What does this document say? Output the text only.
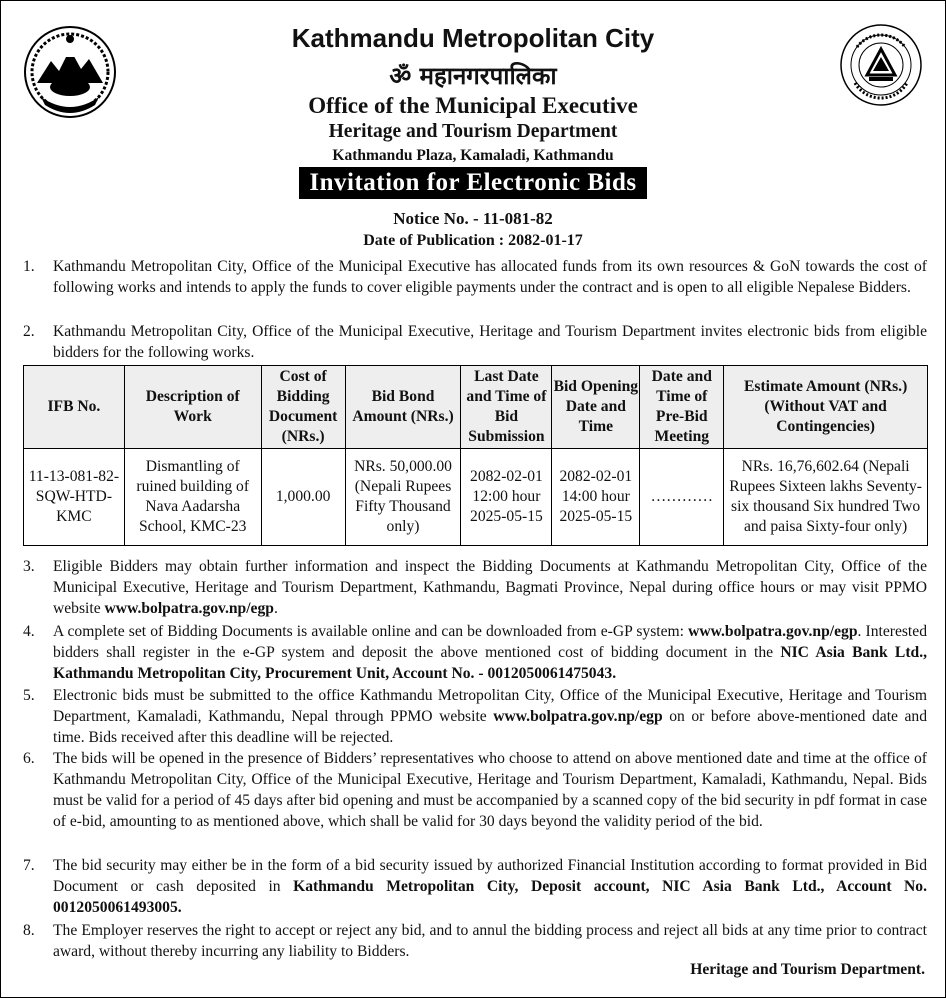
Kathmandu Metropolitan City
ॐ महानगरपालिका
Office of the Municipal Executive
Heritage and Tourism Department
Kathmandu Plaza, Kamaladi, Kathmandu
Invitation for Electronic Bids
Notice No. - 11-081-82
Date of Publication : 2082-01-17
1. Kathmandu Metropolitan City, Office of the Municipal Executive has allocated funds from its own resources & GoN towards the cost of following works and intends to apply the funds to cover eligible payments under the contract and is open to all eligible Nepalese Bidders.
2. Kathmandu Metropolitan City, Office of the Municipal Executive, Heritage and Tourism Department invites electronic bids from eligible bidders for the following works.
IFB No.	Description of Work	Cost of Bidding Document (NRs.)	Bid Bond Amount (NRs.)	Last Date and Time of Bid Submission	Bid Opening Date and Time	Date and Time of Pre-Bid Meeting	Estimate Amount (NRs.) (Without VAT and Contingencies)
11-13-081-82-SQW-HTD-KMC	Dismantling of ruined building of Nava Aadarsha School, KMC-23	1,000.00	NRs. 50,000.00 (Nepali Rupees Fifty Thousand only)	2082-02-01 12:00 hour 2025-05-15	2082-02-01 14:00 hour 2025-05-15	…………	NRs. 16,76,602.64 (Nepali Rupees Sixteen lakhs Seventy-six thousand Six hundred Two and paisa Sixty-four only)
3. Eligible Bidders may obtain further information and inspect the Bidding Documents at Kathmandu Metropolitan City, Office of the Municipal Executive, Heritage and Tourism Department, Kathmandu, Bagmati Province, Nepal during office hours or may visit PPMO website www.bolpatra.gov.np/egp.
4. A complete set of Bidding Documents is available online and can be downloaded from e-GP system: www.bolpatra.gov.np/egp. Interested bidders shall register in the e-GP system and deposit the above mentioned cost of bidding document in the NIC Asia Bank Ltd., Kathmandu Metropolitan City, Procurement Unit, Account No. - 0012050061475043.
5. Electronic bids must be submitted to the office Kathmandu Metropolitan City, Office of the Municipal Executive, Heritage and Tourism Department, Kamaladi, Kathmandu, Nepal through PPMO website www.bolpatra.gov.np/egp on or before above-mentioned date and time. Bids received after this deadline will be rejected.
6. The bids will be opened in the presence of Bidders’ representatives who choose to attend on above mentioned date and time at the office of Kathmandu Metropolitan City, Office of the Municipal Executive, Heritage and Tourism Department, Kamaladi, Kathmandu, Nepal. Bids must be valid for a period of 45 days after bid opening and must be accompanied by a scanned copy of the bid security in pdf format in case of e-bid, amounting to as mentioned above, which shall be valid for 30 days beyond the validity period of the bid.
7. The bid security may either be in the form of a bid security issued by authorized Financial Institution according to format provided in Bid Document or cash deposited in Kathmandu Metropolitan City, Deposit account, NIC Asia Bank Ltd., Account No. 0012050061493005.
8. The Employer reserves the right to accept or reject any bid, and to annul the bidding process and reject all bids at any time prior to contract award, without thereby incurring any liability to Bidders.
Heritage and Tourism Department.
